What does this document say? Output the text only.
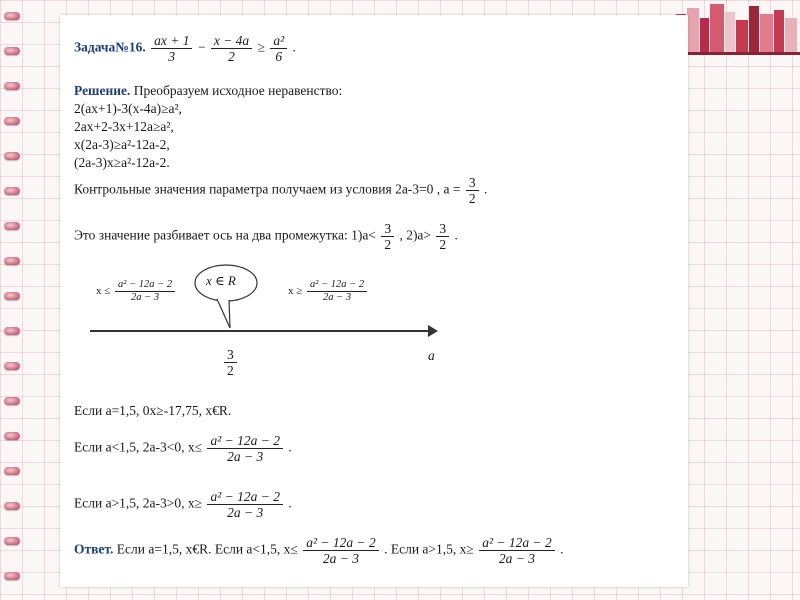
Задача№16. $\frac{ax + 1}{3} - \frac{x - 4a}{2} \ge \frac{\text{a²}}{6}$ .
Решение. Преобразуем исходное неравенство:
2(ax+1)-3(x-4a)≥a²,
2ax+2-3x+12a≥a²,
x(2a-3)≥a²-12a-2,
(2a-3)x≥a²-12a-2.
Контрольные значения параметра получаем из условия 2a-3=0 , $a = \frac{3}{2}$ .
Это значение разбивает ось на два промежутка: $1)a< \frac{3}{2}$ , $2)a> \frac{3}{2}$ .
$x \le \frac{\text{a² − 12a − 2}}{2a - 3}$	$x \ge \frac{\text{a² − 12a − 2}}{2a - 3}$
x ∈ R
$\frac{3}{2}$	a
Если a=1,5, 0x≥-17,75, x€R.
Если a<1,5, 2a-3<0, $x\le \frac{\text{a² − 12a − 2}}{2a - 3}$ .
Если a>1,5, 2a-3>0, $x\ge \frac{\text{a² − 12a − 2}}{2a - 3}$ .
Ответ. Если a=1,5, x€R. Если a<1,5, $x\le \frac{\text{a² − 12a − 2}}{2a - 3}$ . Если a>1,5, $x\ge \frac{\text{a² − 12a − 2}}{2a - 3}$ .
